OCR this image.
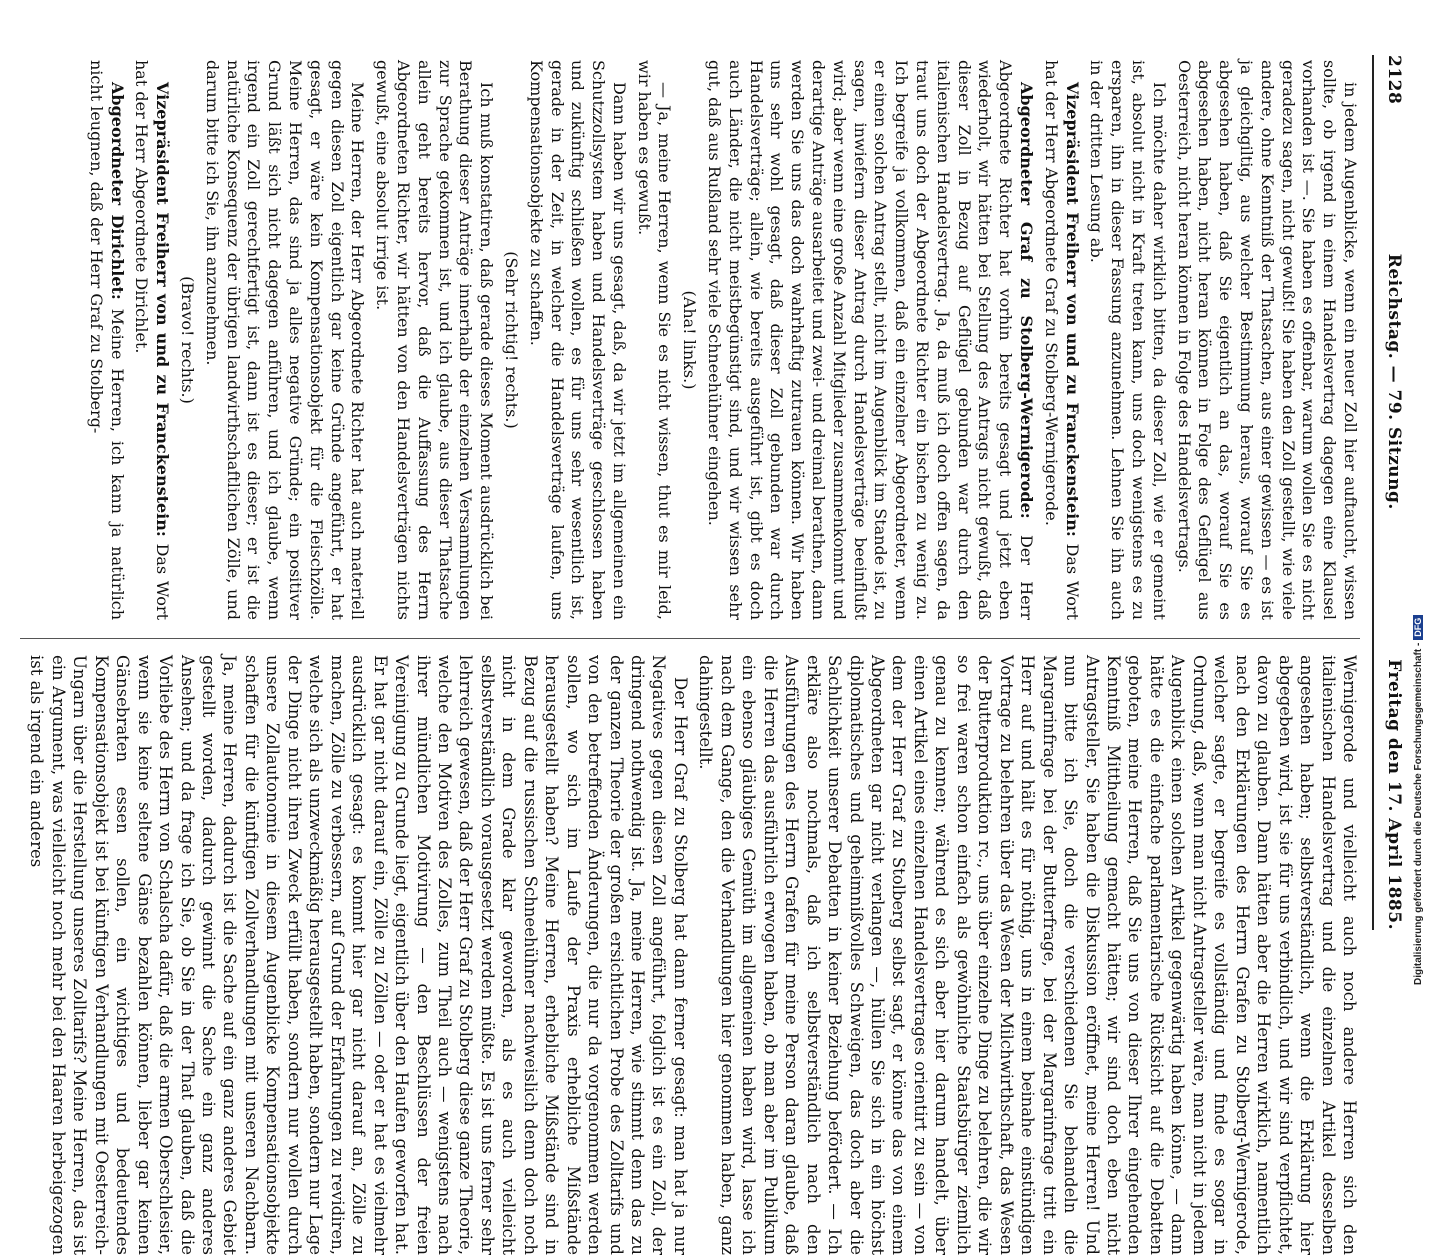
2128
Reichstag. — 79. Sitzung.
Freitag den 17. April 1885.

in jedem Augenblicke, wenn ein neuer Zoll hier auftaucht, wissen sollte, ob irgend in einem Handelsvertrag dagegen eine Klausel vorhanden ist —. Sie haben es offenbar, warum wollen Sie es nicht geradezu sagen, nicht gewußt! Sie haben den Zoll gestellt, wie viele andere, ohne Kenntniß der Thatsachen, aus einer gewissen — es ist ja gleichgiltig, aus welcher Bestimmung heraus, worauf Sie es abgesehen haben, daß Sie eigentlich an das, worauf Sie es abgesehen haben, nicht heran können in Folge des Geflügel aus Oesterreich, nicht heran können in Folge des Handelsvertrags.

Ich möchte daher wirklich bitten, da dieser Zoll, wie er gemeint ist, absolut nicht in Kraft treten kann, uns doch wenigstens es zu ersparen, ihn in dieser Fassung anzunehmen. Lehnen Sie ihn auch in der dritten Lesung ab.

Vizepräsident Freiherr von und zu Franckenstein: Das Wort hat der Herr Abgeordnete Graf zu Stolberg-Wernigerode.

Abgeordneter Graf zu Stolberg-Wernigerode: Der Herr Abgeordnete Richter hat vorhin bereits gesagt und jetzt eben wiederholt, wir hätten bei Stellung des Antrags nicht gewußt, daß dieser Zoll in Bezug auf Geflügel gebunden war durch den italienischen Handelsvertrag. Ja, da muß ich doch offen sagen, da traut uns doch der Abgeordnete Richter ein bischen zu wenig zu. Ich begreife ja vollkommen, daß ein einzelner Abgeordneter, wenn er einen solchen Antrag stellt, nicht im Augenblick im Stande ist, zu sagen, inwiefern dieser Antrag durch Handelsverträge beeinflußt wird; aber wenn eine große Anzahl Mitglieder zusammenkommt und derartige Anträge ausarbeitet und zwei- und dreimal berathen, dann werden Sie uns das doch wahrhaftig zutrauen können. Wir haben uns sehr wohl gesagt, daß dieser Zoll gebunden war durch Handelsverträge; allein, wie bereits ausgeführt ist, gibt es doch auch Länder, die nicht meistbegünstigt sind, und wir wissen sehr gut, daß aus Rußland sehr viele Schneehühner eingehen.

(Aha! links.)

— Ja, meine Herren, wenn Sie es nicht wissen, thut es mir leid, wir haben es gewußt.

Dann haben wir uns gesagt, daß, da wir jetzt im allgemeinen ein Schutzzollsystem haben und Handelsverträge geschlossen haben und zukünftig schließen wollen, es für uns sehr wesentlich ist, gerade in der Zeit, in welcher die Handelsverträge laufen, uns Kompensationsobjekte zu schaffen.

(Sehr richtig! rechts.)

Ich muß konstatiren, daß gerade dieses Moment ausdrücklich bei Berathung dieser Anträge innerhalb der einzelnen Versammlungen zur Sprache gekommen ist, und ich glaube, aus dieser Thatsache allein geht bereits hervor, daß die Auffassung des Herrn Abgeordneten Richter, wir hätten von den Handelsverträgen nichts gewußt, eine absolut irrige ist.

Meine Herren, der Herr Abgeordnete Richter hat auch materiell gegen diesen Zoll eigentlich gar keine Gründe angeführt, er hat gesagt, er wäre kein Kompensationsobjekt für die Fleischzölle. Meine Herren, das sind ja alles negative Gründe; ein positiver Grund läßt sich nicht dagegen anführen, und ich glaube, wenn irgend ein Zoll gerechtfertigt ist, dann ist es dieser; er ist die natürliche Konsequenz der übrigen landwirthschaftlichen Zölle, und darum bitte ich Sie, ihn anzunehmen.

(Bravo! rechts.)

Vizepräsident Freiherr von und zu Franckenstein: Das Wort hat der Herr Abgeordnete Dirichlet.

Abgeordneter Dirichlet: Meine Herren, ich kann ja natürlich nicht leugnen, daß der Herr Graf zu Stolberg-

Wernigerode und vielleicht auch noch andere Herren sich den italienischen Handelsvertrag und die einzelnen Artikel desselben angesehen haben; selbstverständlich, wenn die Erklärung hier abgegeben wird, ist sie für uns verbindlich, und wir sind verpflichtet, davon zu glauben. Dann hätten aber die Herren wirklich, namentlich nach den Erklärungen des Herrn Grafen zu Stolberg-Wernigerode, welcher sagte, er begreife es vollständig und finde es sogar in Ordnung, daß, wenn man nicht Antragsteller wäre, man nicht in jedem Augenblick einen solchen Artikel gegenwärtig haben könne, — dann hätte es die einfache parlamentarische Rücksicht auf die Debatten geboten, meine Herren, daß Sie uns von dieser Ihrer eingehenden Kenntniß Mittheilung gemacht hätten; wir sind doch eben nicht Antragsteller, Sie haben die Diskussion eröffnet, meine Herren! Und nun bitte ich Sie, doch die verschiedenen Sie behandeln die Margarinfrage bei der Butterfrage, bei der Margarinfrage tritt ein Herr auf und hält es für nöthig, uns in einem beinahe einstündigen Vortrage zu belehren über das Wesen der Milchwirthschaft, das Wesen der Butterproduktion rc., uns über einzelne Dinge zu belehren, die wir so frei waren schon einfach als gewöhnliche Staatsbürger ziemlich genau zu kennen; während es sich aber hier darum handelt, über einen Artikel eines einzelnen Handelsvertrages orientirt zu sein — von dem der Herr Graf zu Stolberg selbst sagt, er könne das von einem Abgeordneten gar nicht verlangen —, hüllen Sie sich in ein höchst diplomatisches und geheimnißvolles Schweigen, das doch aber die Sachlichkeit unserer Debatten in keiner Beziehung befördert. — Ich erkläre also nochmals, daß ich selbstverständlich nach den Ausführungen des Herrn Grafen für meine Person daran glaube, daß die Herren das ausführlich erwogen haben, ob man aber im Publikum ein ebenso gläubiges Gemüth im allgemeinen haben wird, lasse ich nach dem Gange, den die Verhandlungen hier genommen haben, ganz dahingestellt.

Der Herr Graf zu Stolberg hat dann ferner gesagt: man hat ja nur Negatives gegen diesen Zoll angeführt, folglich ist es ein Zoll, der dringend nothwendig ist. Ja, meine Herren, wie stimmt denn das zu der ganzen Theorie der großen ersichtlichen Probe des Zolltarifs und von den betreffenden Änderungen, die nur da vorgenommen werden sollen, wo sich im Laufe der Praxis erhebliche Mißstände herausgestellt haben? Meine Herren, erhebliche Mißstände sind in Bezug auf die russischen Schneehühner nachweislich denn doch noch nicht in dem Grade klar geworden, als es auch vielleicht selbstverständlich vorausgesetzt werden müßte. Es ist uns ferner sehr lehrreich gewesen, daß der Herr Graf zu Stolberg diese ganze Theorie, welche den Motiven des Zolles, zum Theil auch — wenigstens nach ihrer mündlichen Motivirung — den Beschlüssen der freien Vereinigung zu Grunde liegt, eigentlich über den Haufen geworfen hat. Er hat gar nicht darauf ein, Zölle zu Zöllen — oder er hat es vielmehr ausdrücklich gesagt: es kommt hier gar nicht darauf an, Zölle zu machen, Zölle zu verbessern, auf Grund der Erfahrungen zu revidiren, welche sich als unzweckmäßig herausgestellt haben, sondern nur Lage der Dinge nicht ihren Zweck erfüllt haben, sondern nur wollen durch unsere Zollautonomie in diesem Augenblicke Kompensationsobjekte schaffen für die künftigen Zollverhandlungen mit unseren Nachbarn. Ja, meine Herren, dadurch ist die Sache auf ein ganz anderes Gebiet gestellt worden, dadurch gewinnt die Sache ein ganz anderes Ansehen; und da frage ich Sie, ob Sie in der That glauben, daß die Vorliebe des Herrn von Schalscha dafür, daß die armen Oberschlesier, wenn sie keine seltene Gänse bezahlen können, lieber gar keinen Gänsebraten essen sollen, ein wichtiges und bedeutendes Kompensationsobjekt ist bei künftigen Verhandlungen mit Oesterreich-Ungarn über die Herstellung unseres Zolltarifs? Meine Herren, das ist ein Argument, was vielleicht noch mehr bei den Haaren herbeigezogen ist als irgend ein anderes	Digitalisierung gefördert durch die Deutsche Forschungsgemeinschaft -DFG
